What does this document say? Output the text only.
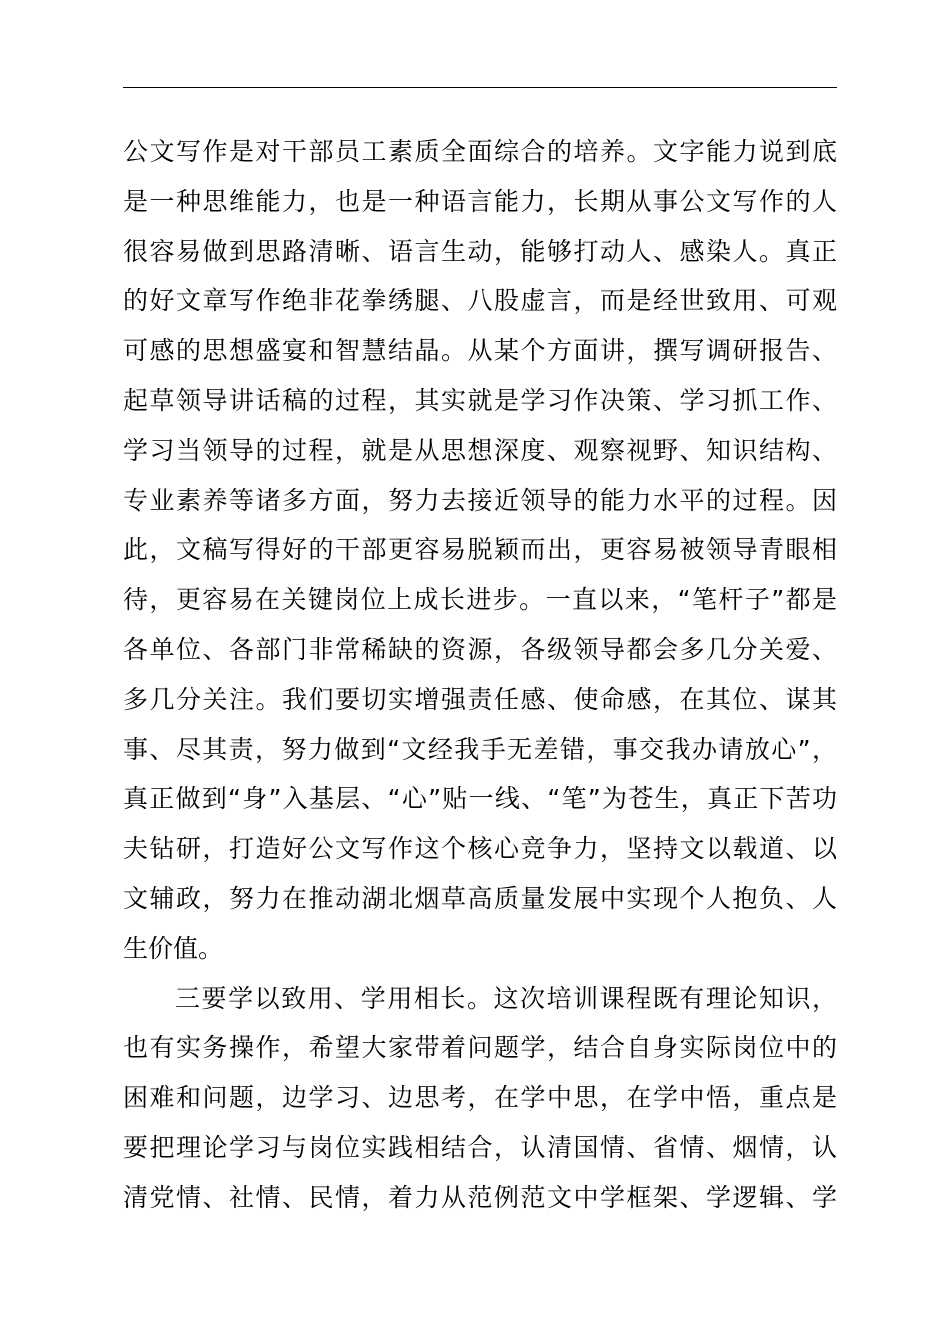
公文写作是对干部员工素质全面综合的培养。文字能力说到底
是一种思维能力，也是一种语言能力，长期从事公文写作的人
很容易做到思路清晰、语言生动，能够打动人、感染人。真正
的好文章写作绝非花拳绣腿、八股虚言，而是经世致用、可观
可感的思想盛宴和智慧结晶。从某个方面讲，撰写调研报告、
起草领导讲话稿的过程，其实就是学习作决策、学习抓工作、
学习当领导的过程，就是从思想深度、观察视野、知识结构、
专业素养等诸多方面，努力去接近领导的能力水平的过程。因
此，文稿写得好的干部更容易脱颖而出，更容易被领导青眼相
待，更容易在关键岗位上成长进步。一直以来，“笔杆子”都是
各单位、各部门非常稀缺的资源，各级领导都会多几分关爱、
多几分关注。我们要切实增强责任感、使命感，在其位、谋其
事、尽其责，努力做到“文经我手无差错，事交我办请放心”，
真正做到“身”入基层、“心”贴一线、“笔”为苍生，真正下苦功
夫钻研，打造好公文写作这个核心竞争力，坚持文以载道、以
文辅政，努力在推动湖北烟草高质量发展中实现个人抱负、人
生价值。
三要学以致用、学用相长。这次培训课程既有理论知识，
也有实务操作，希望大家带着问题学，结合自身实际岗位中的
困难和问题，边学习、边思考，在学中思，在学中悟，重点是
要把理论学习与岗位实践相结合，认清国情、省情、烟情，认
清党情、社情、民情，着力从范例范文中学框架、学逻辑、学
